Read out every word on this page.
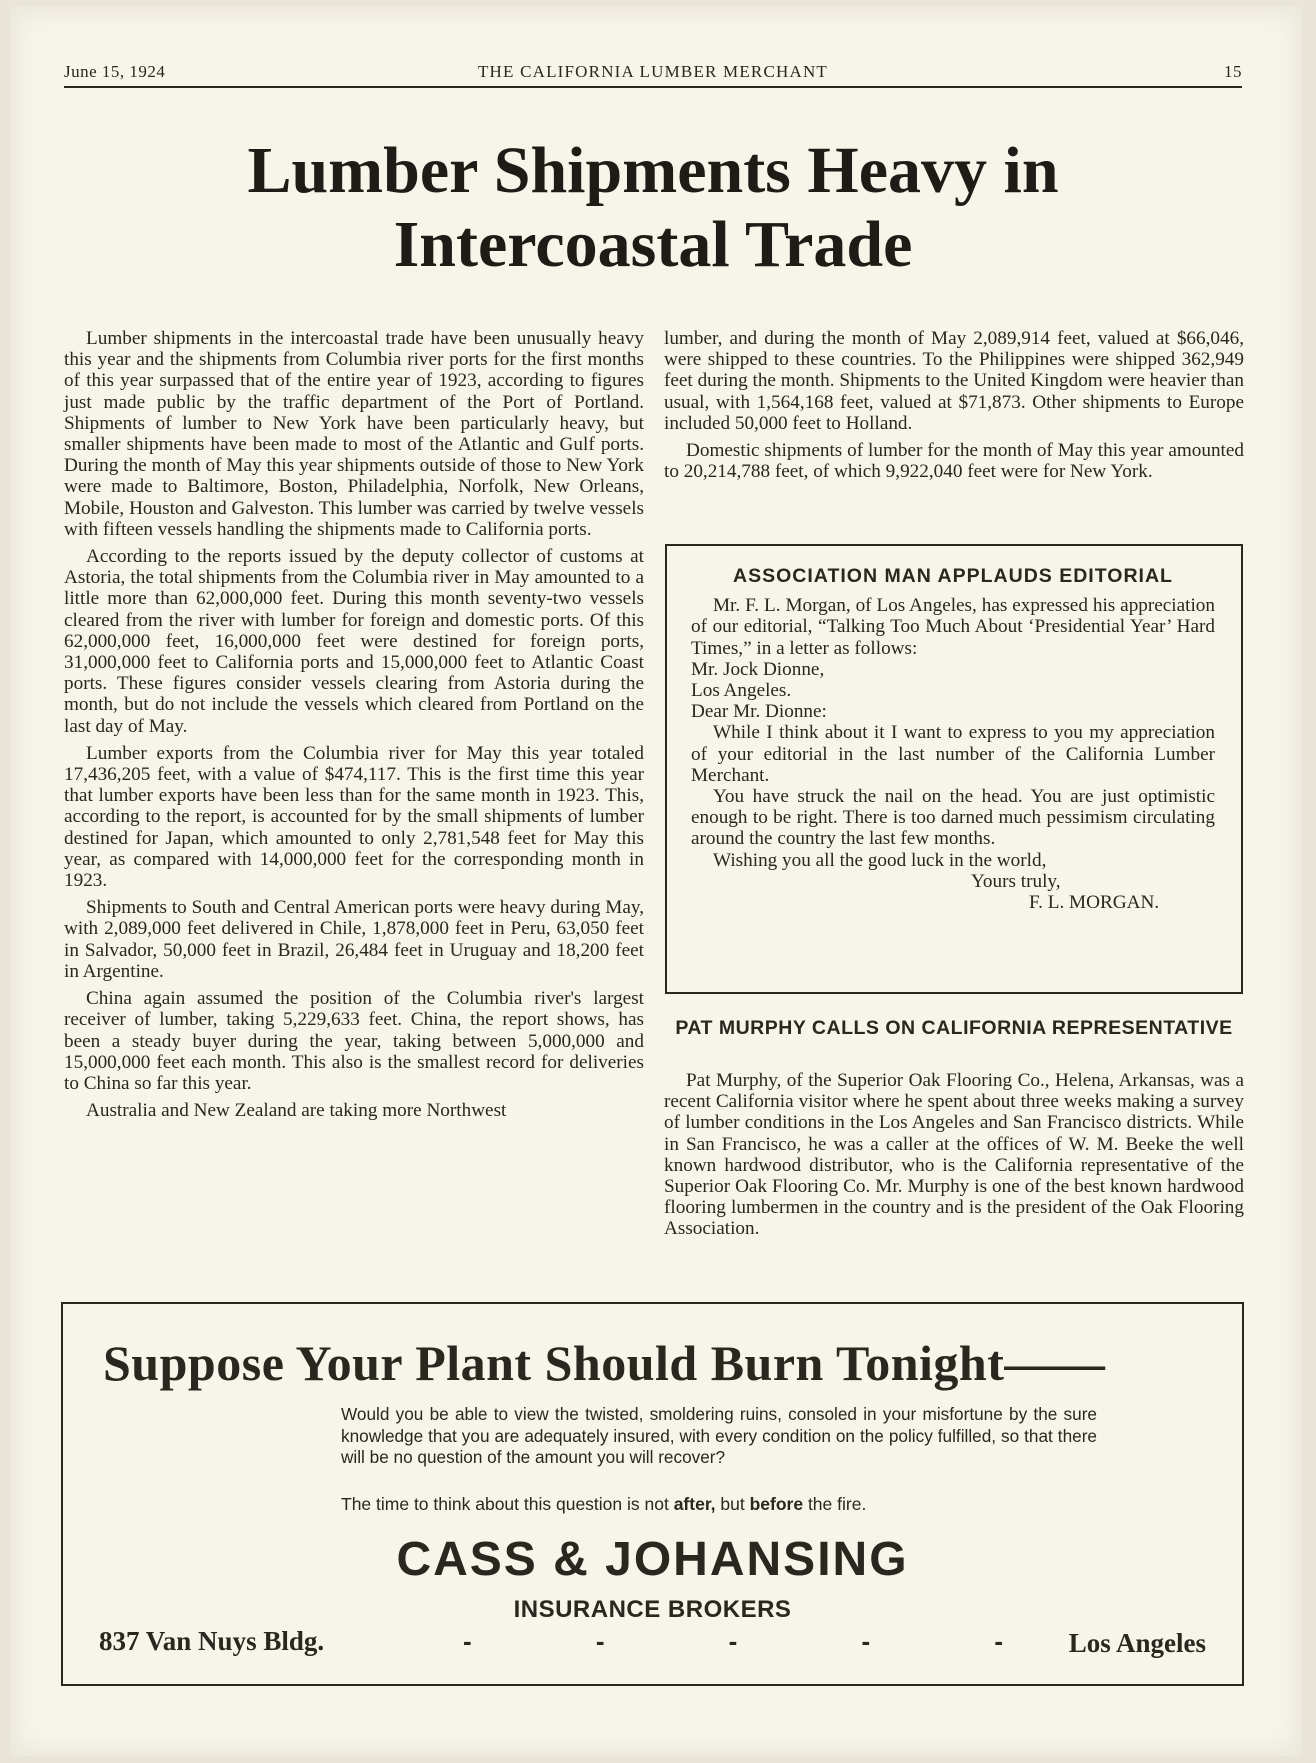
June 15, 1924	THE CALIFORNIA LUMBER MERCHANT	15
Lumber Shipments Heavy in
Intercoastal Trade

Lumber shipments in the intercoastal trade have been unusually heavy this year and the shipments from Columbia river ports for the first months of this year surpassed that of the entire year of 1923, according to figures just made public by the traffic department of the Port of Portland. Shipments of lumber to New York have been particularly heavy, but smaller shipments have been made to most of the Atlantic and Gulf ports. During the month of May this year shipments outside of those to New York were made to Baltimore, Boston, Philadelphia, Norfolk, New Orleans, Mobile, Houston and Galveston. This lumber was carried by twelve vessels with fifteen vessels handling the shipments made to California ports.

According to the reports issued by the deputy collector of customs at Astoria, the total shipments from the Columbia river in May amounted to a little more than 62,000,000 feet. During this month seventy-two vessels cleared from the river with lumber for foreign and domestic ports. Of this 62,000,000 feet, 16,000,000 feet were destined for foreign ports, 31,000,000 feet to California ports and 15,000,000 feet to Atlantic Coast ports. These figures consider vessels clearing from Astoria during the month, but do not include the vessels which cleared from Portland on the last day of May.

Lumber exports from the Columbia river for May this year totaled 17,436,205 feet, with a value of $474,117. This is the first time this year that lumber exports have been less than for the same month in 1923. This, according to the report, is accounted for by the small shipments of lumber destined for Japan, which amounted to only 2,781,548 feet for May this year, as compared with 14,000,000 feet for the corresponding month in 1923.

Shipments to South and Central American ports were heavy during May, with 2,089,000 feet delivered in Chile, 1,878,000 feet in Peru, 63,050 feet in Salvador, 50,000 feet in Brazil, 26,484 feet in Uruguay and 18,200 feet in Argentine.

China again assumed the position of the Columbia river's largest receiver of lumber, taking 5,229,633 feet. China, the report shows, has been a steady buyer during the year, taking between 5,000,000 and 15,000,000 feet each month. This also is the smallest record for deliveries to China so far this year.

Australia and New Zealand are taking more Northwest

lumber, and during the month of May 2,089,914 feet, valued at $66,046, were shipped to these countries. To the Philippines were shipped 362,949 feet during the month. Shipments to the United Kingdom were heavier than usual, with 1,564,168 feet, valued at $71,873. Other shipments to Europe included 50,000 feet to Holland.

Domestic shipments of lumber for the month of May this year amounted to 20,214,788 feet, of which 9,922,040 feet were for New York.

ASSOCIATION MAN APPLAUDS EDITORIAL

Mr. F. L. Morgan, of Los Angeles, has expressed his appreciation of our editorial, “Talking Too Much About ‘Presidential Year’ Hard Times,” in a letter as follows:

Mr. Jock Dionne,

Los Angeles.

Dear Mr. Dionne:

While I think about it I want to express to you my appreciation of your editorial in the last number of the California Lumber Merchant.

You have struck the nail on the head. You are just optimistic enough to be right. There is too darned much pessimism circulating around the country the last few months.

Wishing you all the good luck in the world,

Yours truly,

F. L. MORGAN.

PAT MURPHY CALLS ON CALIFORNIA REPRESENTATIVE

Pat Murphy, of the Superior Oak Flooring Co., Helena, Arkansas, was a recent California visitor where he spent about three weeks making a survey of lumber conditions in the Los Angeles and San Francisco districts. While in San Francisco, he was a caller at the offices of W. M. Beeke the well known hardwood distributor, who is the California representative of the Superior Oak Flooring Co. Mr. Murphy is one of the best known hardwood flooring lumbermen in the country and is the president of the Oak Flooring Association.

Suppose Your Plant Should Burn Tonight——
Would you be able to view the twisted, smoldering ruins, consoled in your misfortune by the sure knowledge that you are adequately insured, with every condition on the policy fulfilled, so that there will be no question of the amount you will recover?
The time to think about this question is not after, but before the fire.
CASS & JOHANSING
INSURANCE BROKERS
837 Van Nuys Bldg.	-	-	-	-	- Los Angeles
